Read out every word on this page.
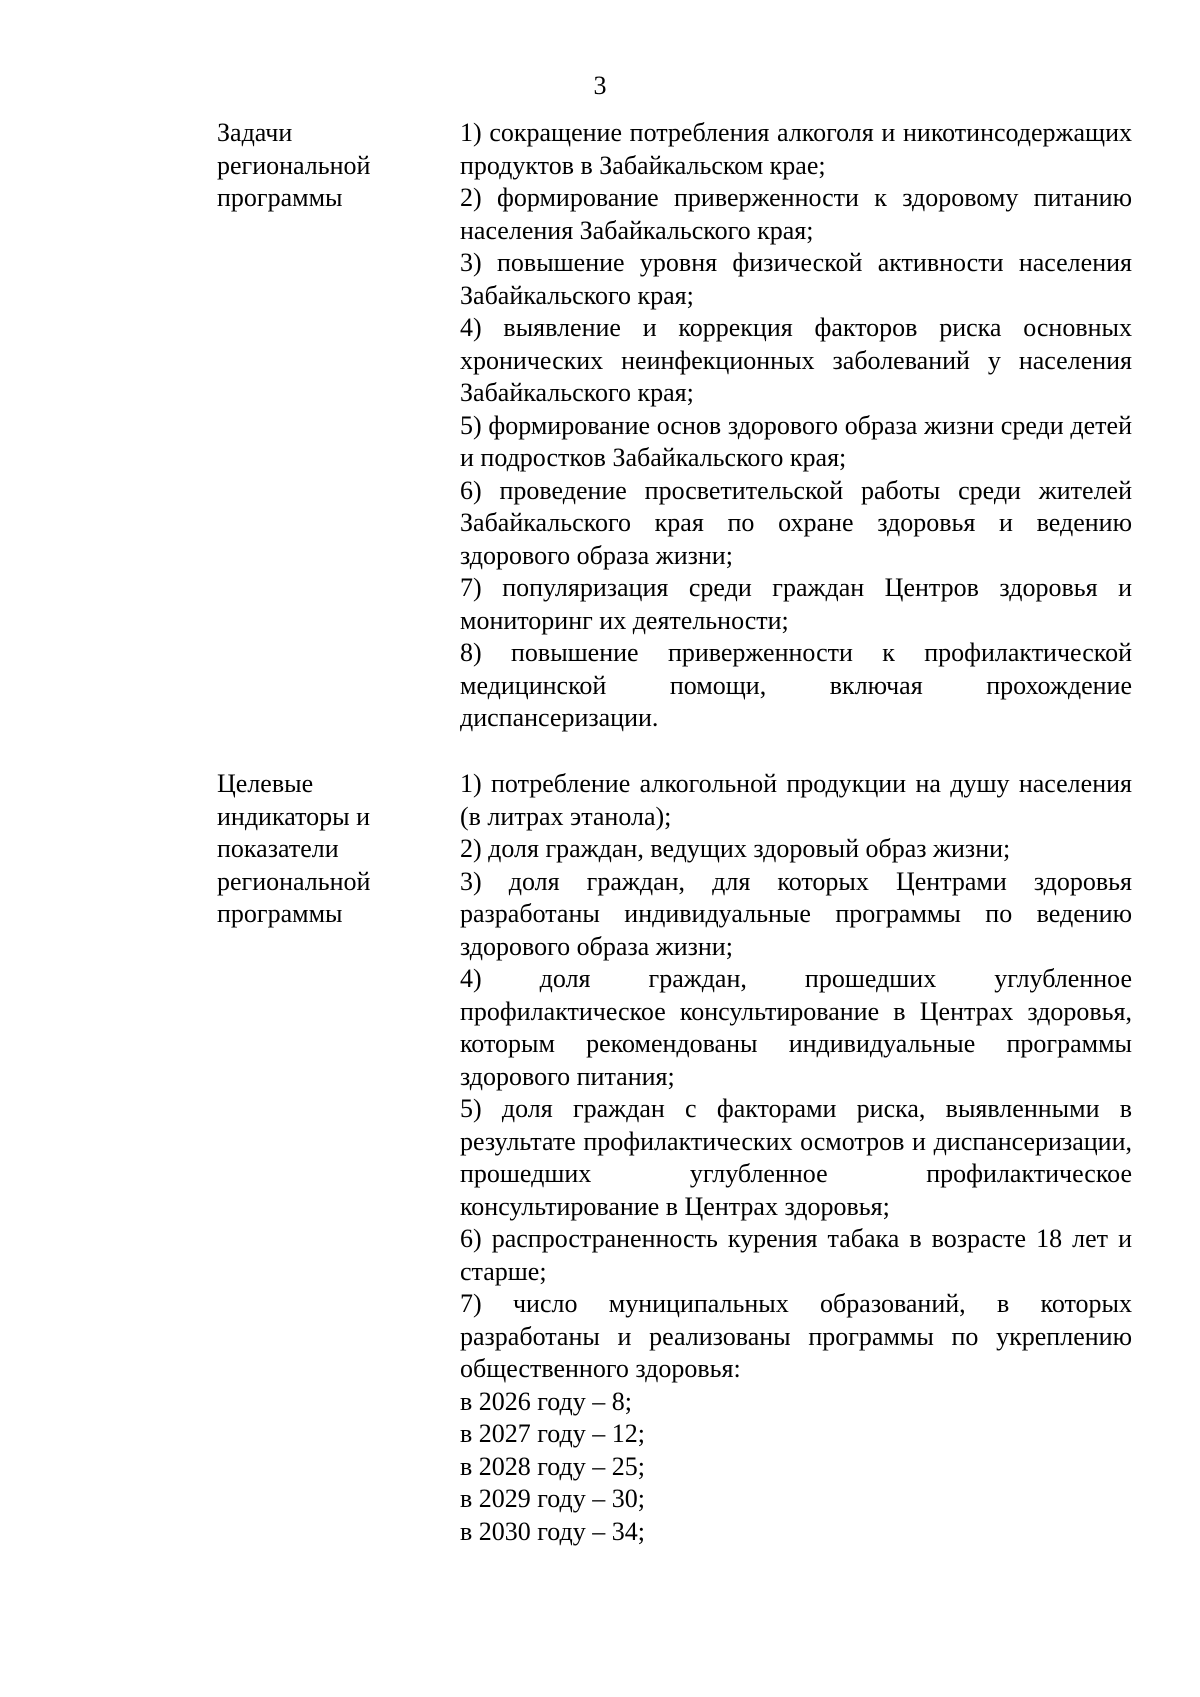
3
Задачи
региональной
программы

1) сокращение потребления алкоголя и никотинсодержащих продуктов в Забайкальском крае;

2) формирование приверженности к здоровому питанию населения Забайкальского края;

3) повышение уровня физической активности населения Забайкальского края;

4) выявление и коррекция факторов риска основных хронических неинфекционных заболеваний у населения Забайкальского края;

5) формирование основ здорового образа жизни среди детей и подростков Забайкальского края;

6) проведение просветительской работы среди жителей Забайкальского края по охране здоровья и ведению здорового образа жизни;

7) популяризация среди граждан Центров здоровья и мониторинг их деятельности;

8) повышение приверженности к профилактической медицинской помощи, включая прохождение диспансеризации.

Целевые
индикаторы и
показатели
региональной
программы

1) потребление алкогольной продукции на душу населения (в литрах этанола);

2) доля граждан, ведущих здоровый образ жизни;

3) доля граждан, для которых Центрами здоровья разработаны индивидуальные программы по ведению здорового образа жизни;

4) доля граждан, прошедших углубленное профилактическое консультирование в Центрах здоровья, которым рекомендованы индивидуальные программы здорового питания;

5) доля граждан с факторами риска, выявленными в результате профилактических осмотров и диспансеризации, прошедших углубленное профилактическое консультирование в Центрах здоровья;

6) распространенность курения табака в возрасте 18 лет и старше;

7) число муниципальных образований, в которых разработаны и реализованы программы по укреплению общественного здоровья:

в 2026 году – 8;

в 2027 году – 12;

в 2028 году – 25;

в 2029 году – 30;

в 2030 году – 34;
